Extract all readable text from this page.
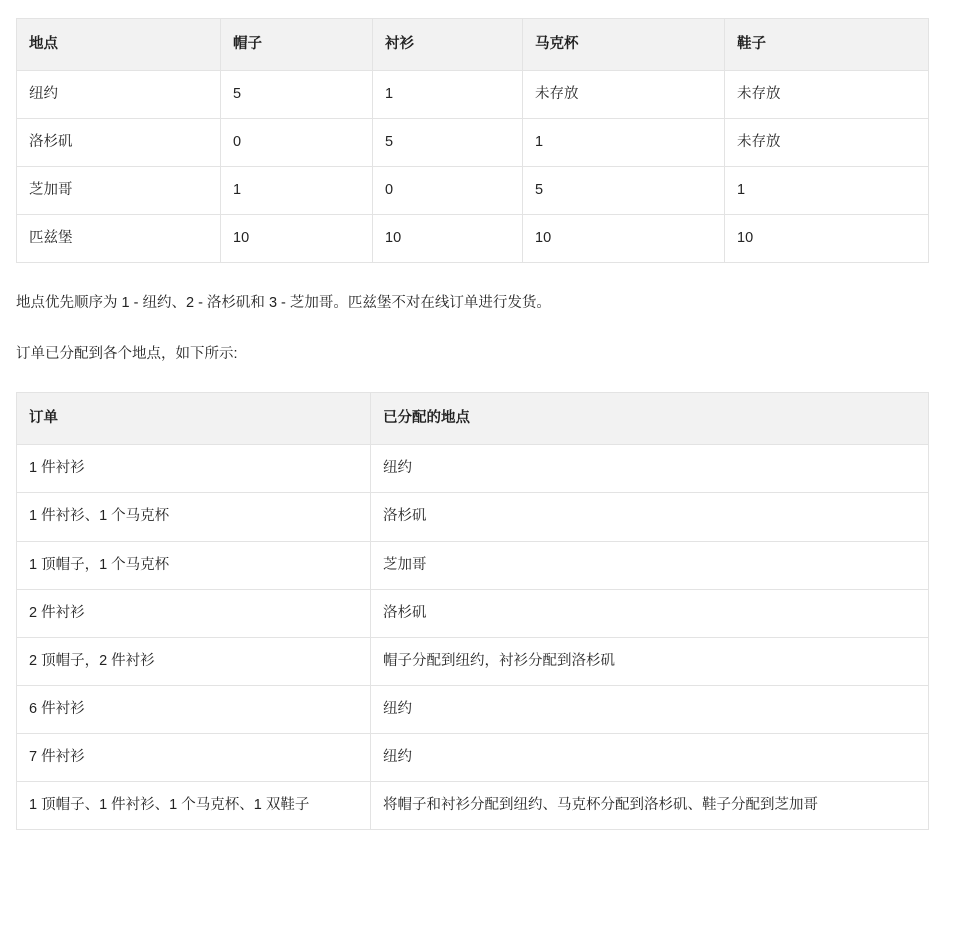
地点	帽子	衬衫	马克杯	鞋子
纽约	5	1	未存放	未存放
洛杉矶	0	5	1	未存放
芝加哥	1	0	5	1
匹兹堡	10	10	10	10

地点优先顺序为 1 - 纽约、2 - 洛杉矶和 3 - 芝加哥。匹兹堡不对在线订单进行发货。

订单已分配到各个地点，如下所示:

订单	已分配的地点
1 件衬衫	纽约
1 件衬衫、1 个马克杯	洛杉矶
1 顶帽子，1 个马克杯	芝加哥
2 件衬衫	洛杉矶
2 顶帽子，2 件衬衫	帽子分配到纽约，衬衫分配到洛杉矶
6 件衬衫	纽约
7 件衬衫	纽约
1 顶帽子、1 件衬衫、1 个马克杯、1 双鞋子	将帽子和衬衫分配到纽约、马克杯分配到洛杉矶、鞋子分配到芝加哥
